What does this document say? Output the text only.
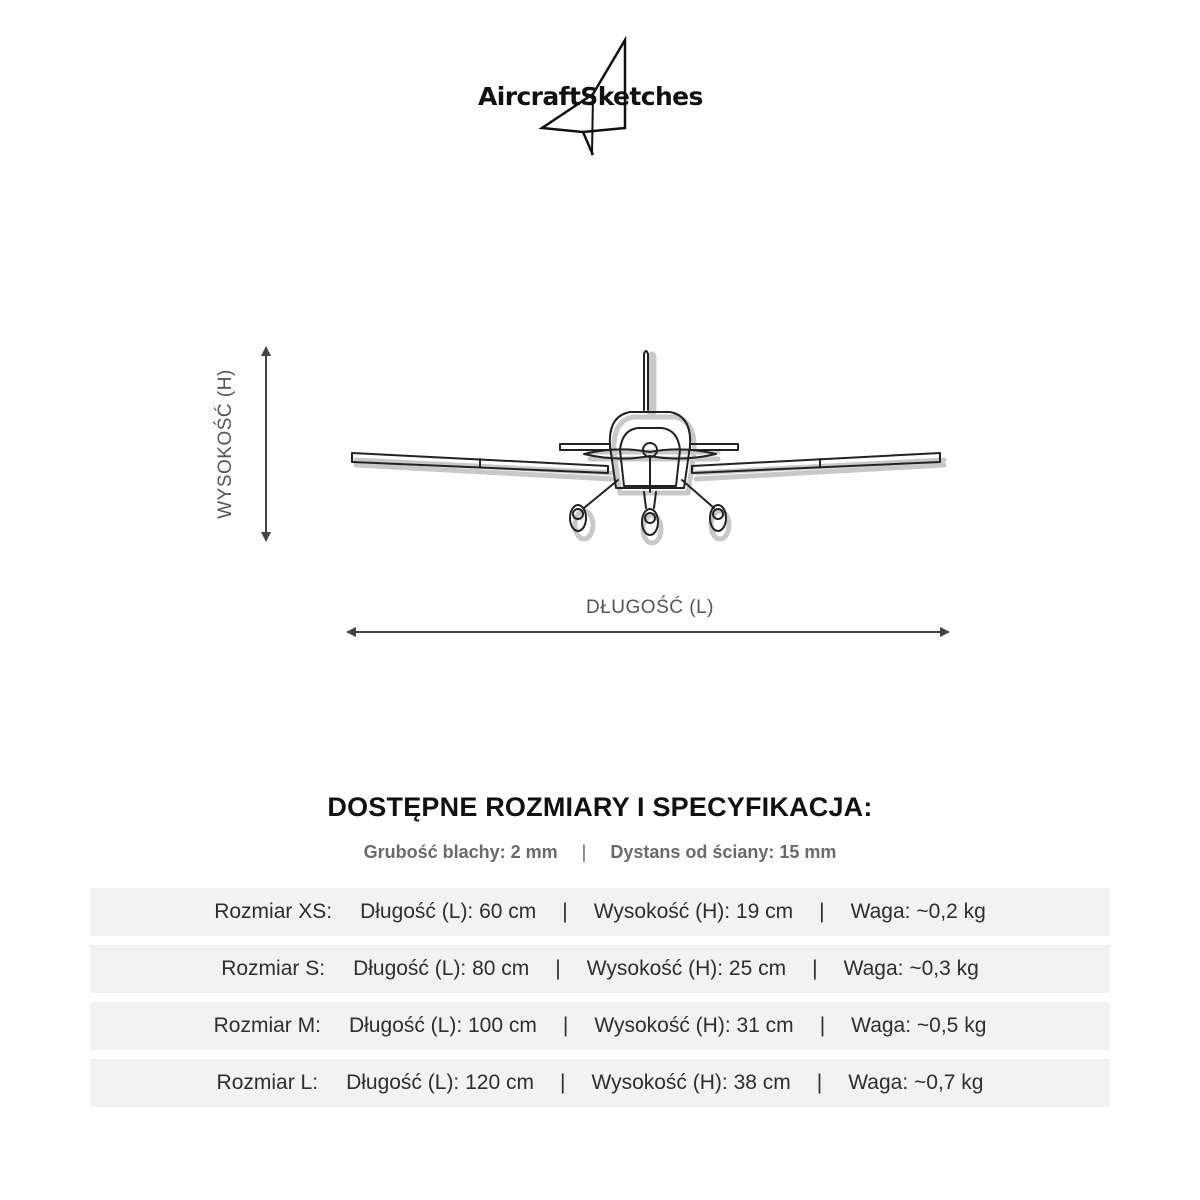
AircraftSketches

WYSOKOŚĆ (H)
DŁUGOŚĆ (L)
DOSTĘPNE ROZMIARY I SPECYFIKACJA:
Grubość blachy: 2 mm | Dystans od ściany: 15 mm
Rozmiar XS: Długość (L): 60 cm	|	Wysokość (H): 19 cm	|	Waga: ~0,2 kg
Rozmiar S: Długość (L): 80 cm	|	Wysokość (H): 25 cm	|	Waga: ~0,3 kg
Rozmiar M: Długość (L): 100 cm	|	Wysokość (H): 31 cm	|	Waga: ~0,5 kg
Rozmiar L: Długość (L): 120 cm	|	Wysokość (H): 38 cm	|	Waga: ~0,7 kg
